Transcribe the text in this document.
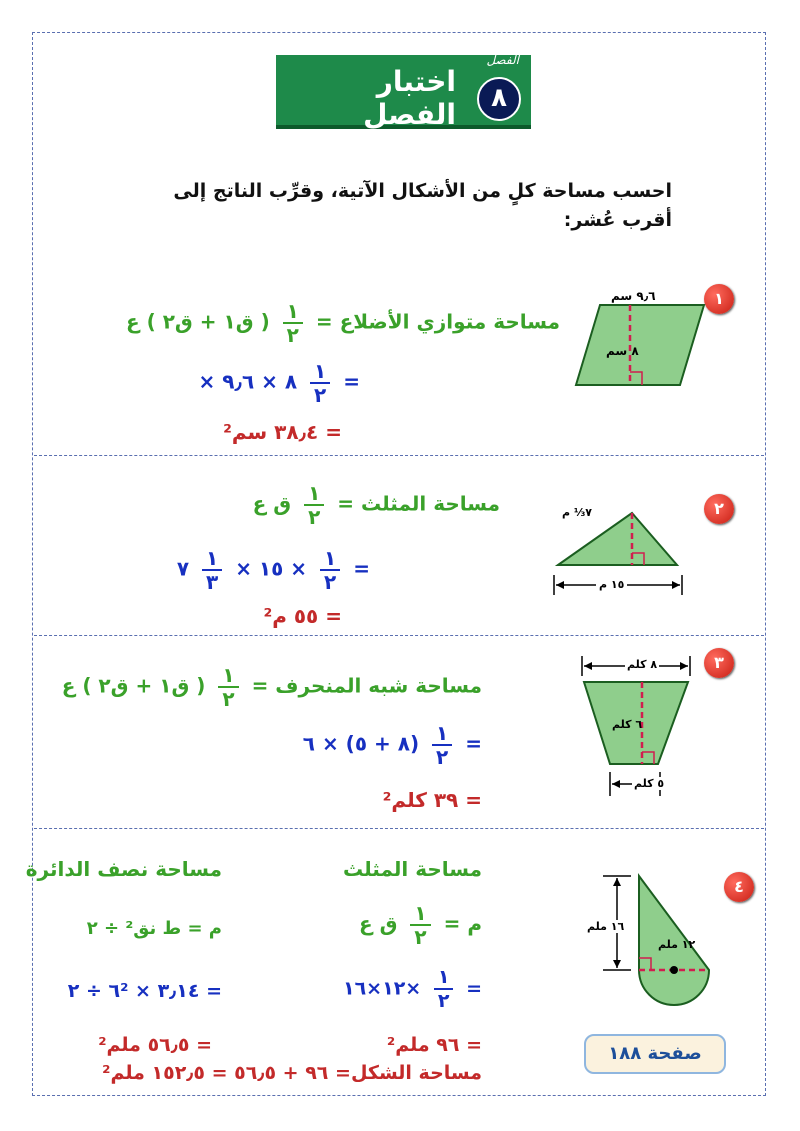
اختبار الفصل
الفصل
٨
احسب مساحة كلٍ من الأشكال الآتية، وقرِّب الناتج إلى
أقرب عُشر:
١
٩٫٦ سم
٨ سم
مساحة متوازي الأضلاع =
$\frac{١}{٢}$
( ق١ + ق٢ ) ع
=
$\frac{١}{٢}$
٨ × ٩٫٦ ×
= ٣٨٫٤ سم²
٢
١٥ م
٧⅓ م
مساحة المثلث =
$\frac{١}{٢}$
ق ع
=
$\frac{١}{٢}$
× ١٥ ×
$\frac{١}{٣}$
٧
= ٥٥ م²
٣
٨ كلم
٦ كلم
٥ كلم
مساحة شبه المنحرف =
$\frac{١}{٢}$
( ق١ + ق٢ ) ع
=
$\frac{١}{٢}$
(٨ + ٥) × ٦
= ٣٩ كلم²
٤
١٦ ملم
١٢ ملم
صفحة ١٨٨
مساحة المثلث
م =
$\frac{١}{٢}$
ق ع
=
$\frac{١}{٢}$
×١٢×١٦
= ٩٦ ملم²
مساحة نصف الدائرة
م = ط نق² ÷ ٢
= ٣٫١٤ × ٦² ÷ ٢
= ٥٦٫٥ ملم²
مساحة الشكل= ٩٦ + ٥٦٫٥ = ١٥٢٫٥ ملم²
